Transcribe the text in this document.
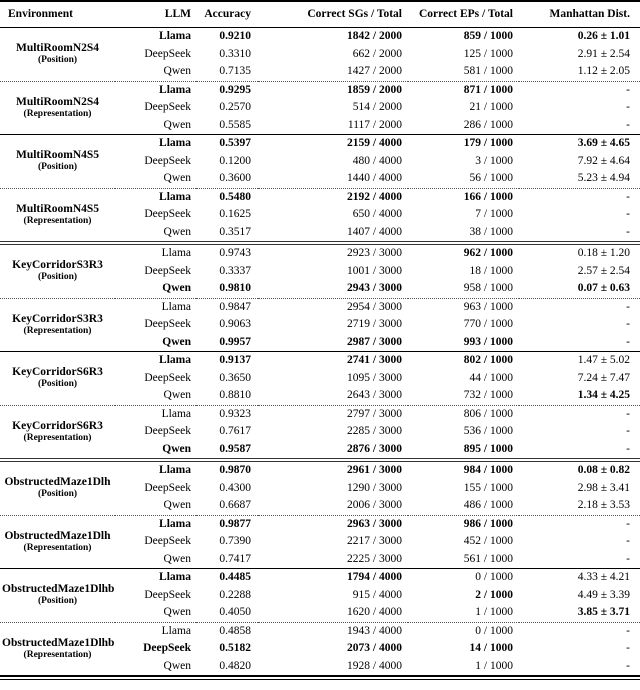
Environment	LLM	Accuracy	Correct SGs / Total	Correct EPs / Total	Manhattan Dist.

MultiRoomN2S4
(Position)	Llama	0.9210	1842 / 2000	859 / 1000	0.26 ± 1.01
	DeepSeek	0.3310	662 / 2000	125 / 1000	2.91 ± 2.54
	Qwen	0.7135	1427 / 2000	581 / 1000	1.12 ± 2.05

MultiRoomN2S4
(Representation)	Llama	0.9295	1859 / 2000	871 / 1000	-
	DeepSeek	0.2570	514 / 2000	21 / 1000	-
	Qwen	0.5585	1117 / 2000	286 / 1000	-

MultiRoomN4S5
(Position)	Llama	0.5397	2159 / 4000	179 / 1000	3.69 ± 4.65
	DeepSeek	0.1200	480 / 4000	3 / 1000	7.92 ± 4.64
	Qwen	0.3600	1440 / 4000	56 / 1000	5.23 ± 4.94

MultiRoomN4S5
(Representation)	Llama	0.5480	2192 / 4000	166 / 1000	-
	DeepSeek	0.1625	650 / 4000	7 / 1000	-
	Qwen	0.3517	1407 / 4000	38 / 1000	-

KeyCorridorS3R3
(Position)	Llama	0.9743	2923 / 3000	962 / 1000	0.18 ± 1.20
	DeepSeek	0.3337	1001 / 3000	18 / 1000	2.57 ± 2.54
	Qwen	0.9810	2943 / 3000	958 / 1000	0.07 ± 0.63

KeyCorridorS3R3
(Representation)	Llama	0.9847	2954 / 3000	963 / 1000	-
	DeepSeek	0.9063	2719 / 3000	770 / 1000	-
	Qwen	0.9957	2987 / 3000	993 / 1000	-

KeyCorridorS6R3
(Position)	Llama	0.9137	2741 / 3000	802 / 1000	1.47 ± 5.02
	DeepSeek	0.3650	1095 / 3000	44 / 1000	7.24 ± 7.47
	Qwen	0.8810	2643 / 3000	732 / 1000	1.34 ± 4.25

KeyCorridorS6R3
(Representation)	Llama	0.9323	2797 / 3000	806 / 1000	-
	DeepSeek	0.7617	2285 / 3000	536 / 1000	-
	Qwen	0.9587	2876 / 3000	895 / 1000	-

ObstructedMaze1Dlh
(Position)	Llama	0.9870	2961 / 3000	984 / 1000	0.08 ± 0.82
	DeepSeek	0.4300	1290 / 3000	155 / 1000	2.98 ± 3.41
	Qwen	0.6687	2006 / 3000	486 / 1000	2.18 ± 3.53

ObstructedMaze1Dlh
(Representation)	Llama	0.9877	2963 / 3000	986 / 1000	-
	DeepSeek	0.7390	2217 / 3000	452 / 1000	-
	Qwen	0.7417	2225 / 3000	561 / 1000	-

ObstructedMaze1Dlhb
(Position)	Llama	0.4485	1794 / 4000	0 / 1000	4.33 ± 4.21
	DeepSeek	0.2288	915 / 4000	2 / 1000	4.49 ± 3.39
	Qwen	0.4050	1620 / 4000	1 / 1000	3.85 ± 3.71

ObstructedMaze1Dlhb
(Representation)	Llama	0.4858	1943 / 4000	0 / 1000	-
	DeepSeek	0.5182	2073 / 4000	14 / 1000	-
	Qwen	0.4820	1928 / 4000	1 / 1000	-
